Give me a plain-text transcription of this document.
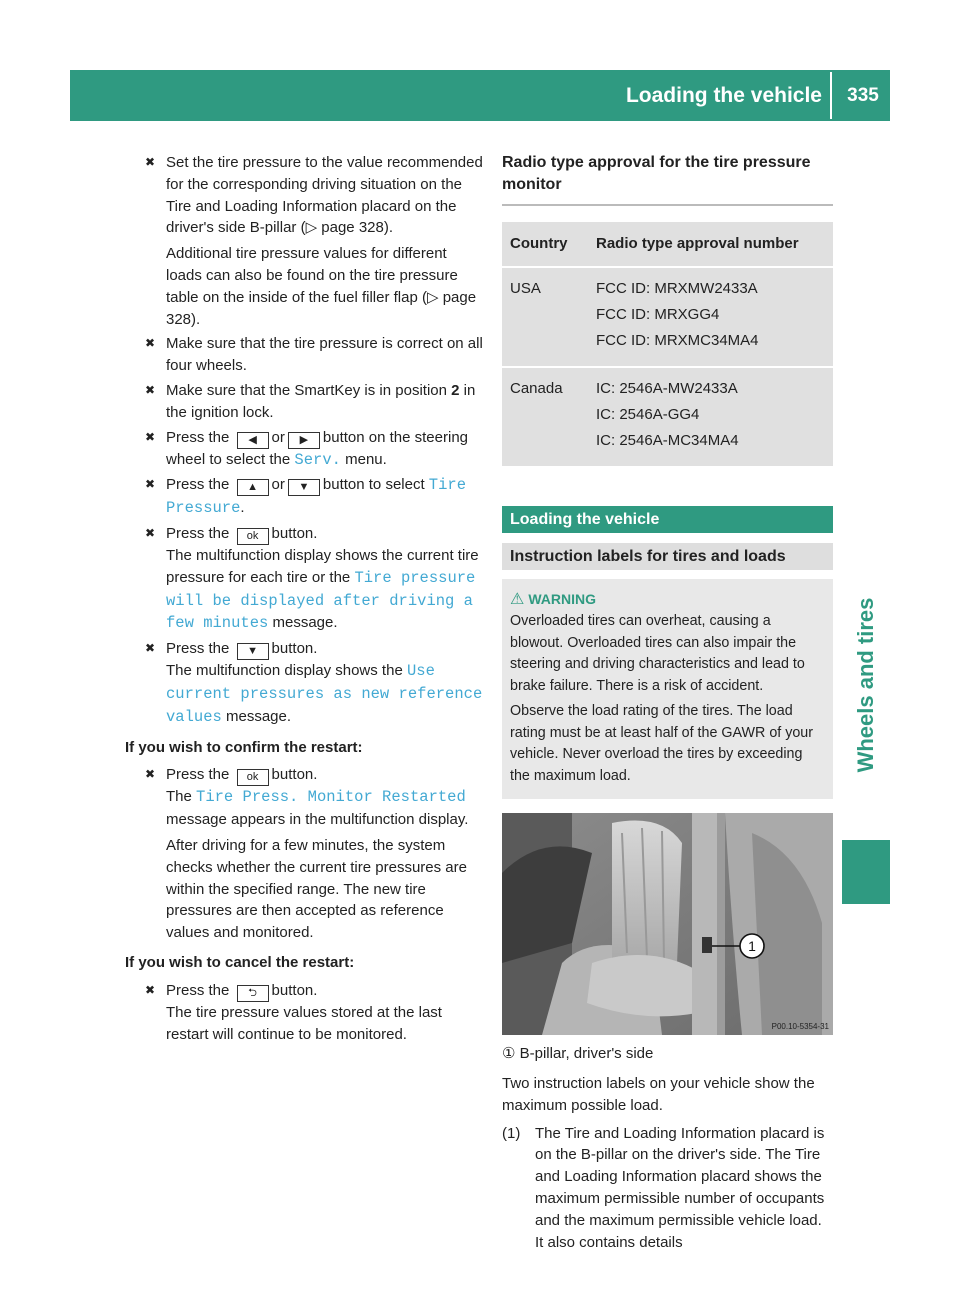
Loading the vehicle	335
Wheels and tires
✖ Set the tire pressure to the value recommended for the corresponding driving situation on the Tire and Loading Information placard on the driver's side B-pillar (▷ page 328).
Additional tire pressure values for different loads can also be found on the tire pressure table on the inside of the fuel filler flap (▷ page 328).
✖ Make sure that the tire pressure is correct on all four wheels.
✖ Make sure that the SmartKey is in position 2 in the ignition lock.
✖ Press the ◀ or ▶ button on the steering wheel to select the Serv. menu.
✖ Press the ▲ or ▼ button to select Tire Pressure.
✖ Press the ok button.
The multifunction display shows the current tire pressure for each tire or the Tire pressure will be displayed after driving a few minutes message.
✖ Press the ▼ button.
The multifunction display shows the Use current pressures as new reference values message.
If you wish to confirm the restart:
✖ Press the ok button.
The Tire Press. Monitor Restarted message appears in the multifunction display.
After driving for a few minutes, the system checks whether the current tire pressures are within the specified range. The new tire pressures are then accepted as reference values and monitored.
If you wish to cancel the restart:
✖ Press the ⮌ button.
The tire pressure values stored at the last restart will continue to be monitored.
Radio type approval for the tire pressure monitor
Country	Radio type approval number
USA	FCC ID: MRXMW2433A
FCC ID: MRXGG4
FCC ID: MRXMC34MA4

Canada	IC: 2546A-MW2433A
IC: 2546A-GG4
IC: 2546A-MC34MA4
Loading the vehicle
Instruction labels for tires and loads
⚠ WARNING
Overloaded tires can overheat, causing a blowout. Overloaded tires can also impair the steering and driving characteristics and lead to brake failure. There is a risk of accident.
Observe the load rating of the tires. The load rating must be at least half of the GAWR of your vehicle. Never overload the tires by exceeding the maximum load.
1
P00.10-5354-31
① B-pillar, driver's side
Two instruction labels on your vehicle show the maximum possible load.
(1) The Tire and Loading Information placard is on the B-pillar on the driver's side. The Tire and Loading Information placard shows the maximum permissible number of occupants and the maximum permissible vehicle load. It also contains details
